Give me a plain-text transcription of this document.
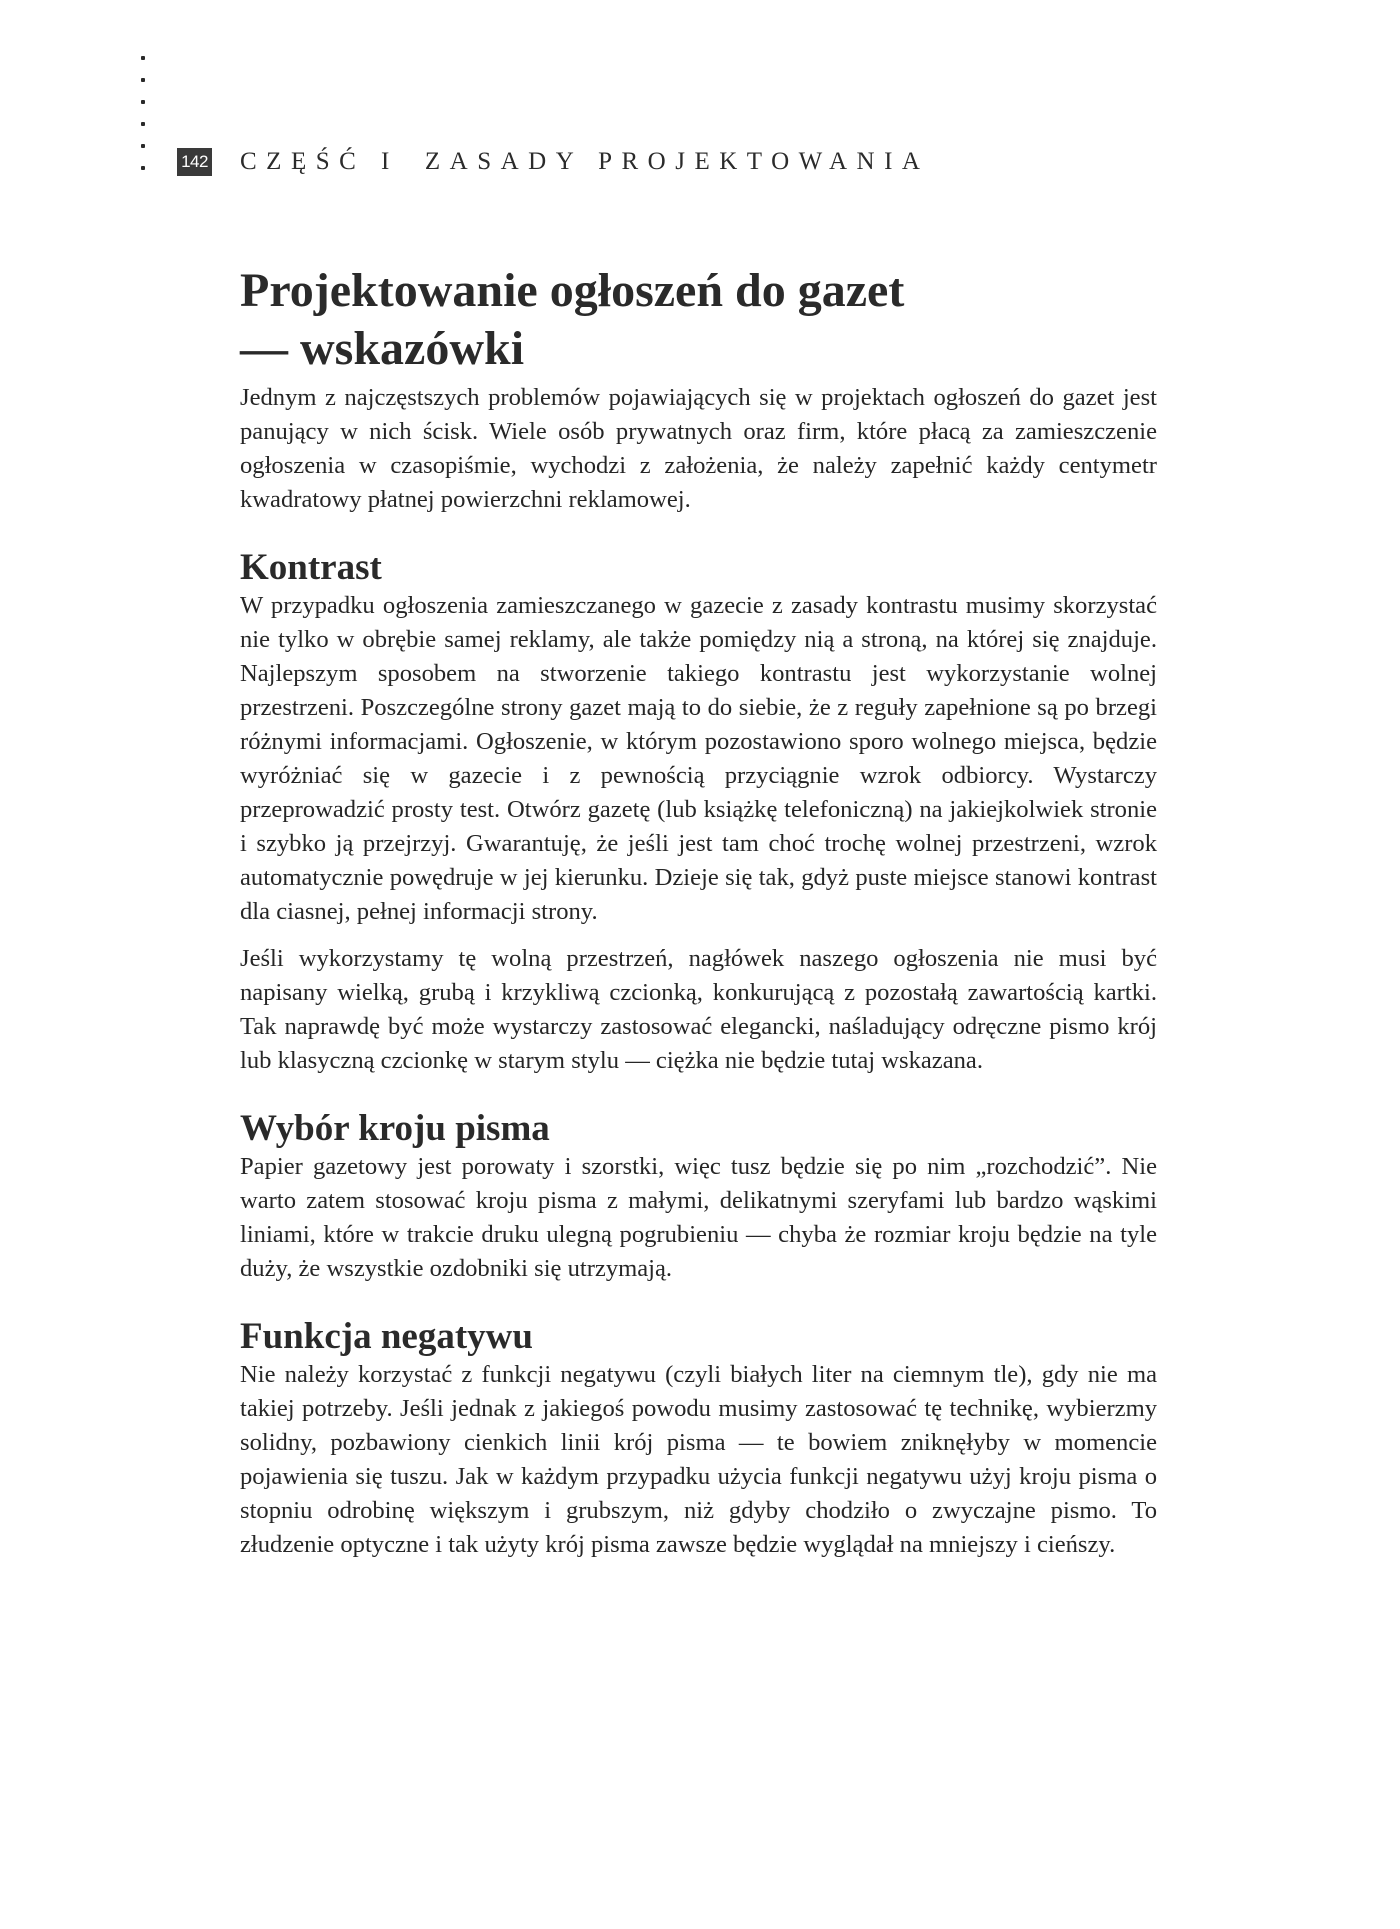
142 CZĘŚĆ I ZASADY PROJEKTOWANIA
Projektowanie ogłoszeń do gazet
— wskazówki

Jednym z najczęstszych problemów pojawiających się w projektach ogłoszeń do gazet jest panujący w nich ścisk. Wiele osób prywatnych oraz firm, które płacą za zamieszczenie ogłoszenia w czasopiśmie, wychodzi z założenia, że należy zapełnić każdy centymetr kwadratowy płatnej powierzchni reklamowej.

Kontrast

W przypadku ogłoszenia zamieszczanego w gazecie z zasady kontrastu musimy skorzystać nie tylko w obrębie samej reklamy, ale także pomiędzy nią a stroną, na której się znajduje. Najlepszym sposobem na stworzenie takiego kontrastu jest wykorzystanie wolnej przestrzeni. Poszczególne strony gazet mają to do siebie, że z reguły zapełnione są po brzegi różnymi informacjami. Ogłoszenie, w którym pozostawiono sporo wolnego miejsca, będzie wyróżniać się w gazecie i z pewnością przyciągnie wzrok odbiorcy. Wystarczy przeprowadzić prosty test. Otwórz gazetę (lub książkę telefoniczną) na jakiejkolwiek stronie i szybko ją przejrzyj. Gwarantuję, że jeśli jest tam choć trochę wolnej przestrzeni, wzrok automatycznie powędruje w jej kierunku. Dzieje się tak, gdyż puste miejsce stanowi kontrast dla ciasnej, pełnej informacji strony.

Jeśli wykorzystamy tę wolną przestrzeń, nagłówek naszego ogłoszenia nie musi być napisany wielką, grubą i krzykliwą czcionką, konkurującą z pozostałą zawartością kartki. Tak naprawdę być może wystarczy zastosować elegancki, naśladujący odręczne pismo krój lub klasyczną czcionkę w starym stylu — ciężka nie będzie tutaj wskazana.

Wybór kroju pisma

Papier gazetowy jest porowaty i szorstki, więc tusz będzie się po nim „rozchodzić”. Nie warto zatem stosować kroju pisma z małymi, delikatnymi szeryfami lub bardzo wąskimi liniami, które w trakcie druku ulegną pogrubieniu — chyba że rozmiar kroju będzie na tyle duży, że wszystkie ozdobniki się utrzymają.

Funkcja negatywu

Nie należy korzystać z funkcji negatywu (czyli białych liter na ciemnym tle), gdy nie ma takiej potrzeby. Jeśli jednak z jakiegoś powodu musimy zastosować tę technikę, wybierzmy solidny, pozbawiony cienkich linii krój pisma — te bowiem zniknęłyby w momencie pojawienia się tuszu. Jak w każdym przypadku użycia funkcji negatywu użyj kroju pisma o stopniu odrobinę większym i grubszym, niż gdyby chodziło o zwyczajne pismo. To złudzenie optyczne i tak użyty krój pisma zawsze będzie wyglądał na mniejszy i cieńszy.
